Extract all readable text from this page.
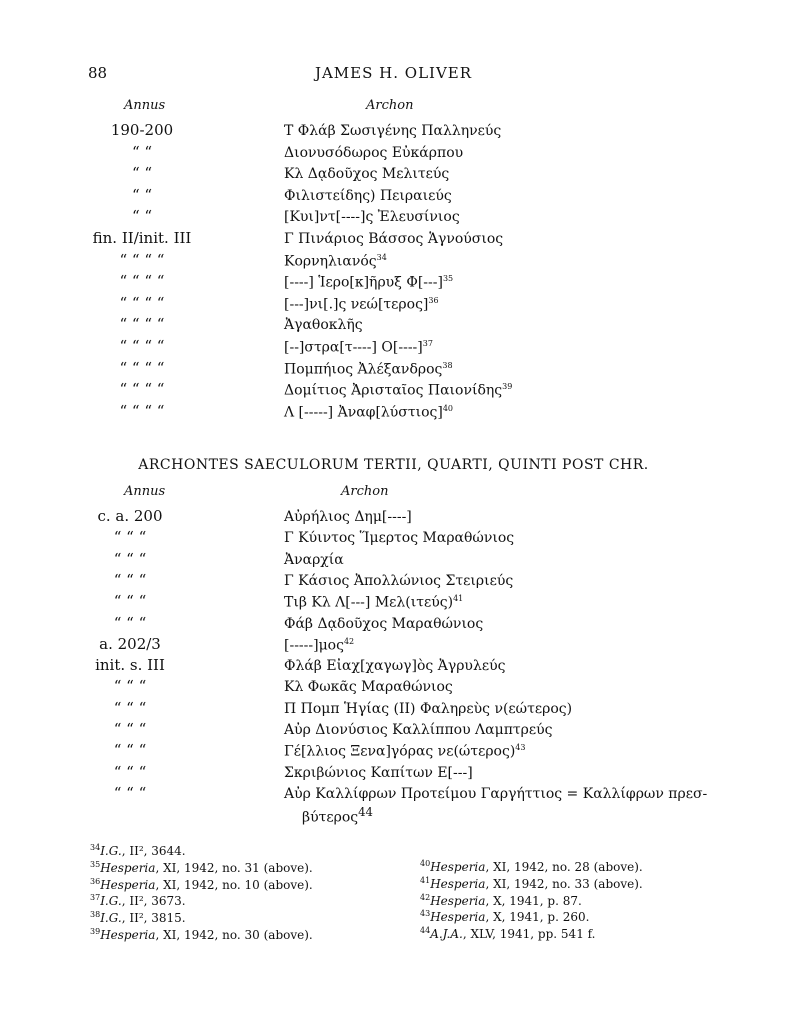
88	JAMES H. OLIVER
Annus	Archon
190-200	Τ Φλάβ Σωσιγένης Παλληνεύς
“ “	Διονυσόδωρος Εὐκάρπου
“ “	Κλ Δᾳδοῦχος Μελιτεύς
“ “	Φιλιστείδης) Πειραιεύς
“ “	[Κυι]ντ[----]ς Ἐλευσίνιος
fin. II/init. III	Γ Πινάριος Βάσσος Ἁγνούσιος
“ “ “ “	Κορνηλιανός$^{34}$
“ “ “ “	[----] Ἱερο[κ]ῆρυξ $\Phi[---]^{35}$
“ “ “ “	[---]νι[.]ς $\nu\varepsilon ώ[\tau\varepsilon\rho o\varsigma]^{36}$
“ “ “ “	Ἀγαθοκλῆς
“ “ “ “	[--]στρα[τ----] $O[----]^{37}$
“ “ “ “	Πομπήιος Ἀλέξανδρος$^{38}$
“ “ “ “	Δομίτιος Ἀρισταῖος Παιονίδης$^{39}$
“ “ “ “	Λ [-----] $Ἀ\nu\alpha\varphi[\lambda ύ\sigma\tau\iota o\varsigma]^{40}$
ARCHONTES SAECULORUM TERTII, QUARTI, QUINTI POST CHR.
Annus	Archon
c. a. 200	Αὐρήλιος Δημ[----]
“ “ “	Γ Κύιντος Ἵμερτος Μαραθώνιος
“ “ “	Ἀναρχία
“ “ “	Γ Κάσιος Ἀπολλώνιος Στειριεύς
“ “ “	Τιβ Κλ Λ[---] $M\varepsilon\lambda(\iota\tau\varepsilon ύ\varsigma)^{41}$
“ “ “	Φάβ Δᾳδοῦχος Μαραθώνιος
a. 202/3	[-----]μος$^{42}$
init. s. III	Φλάβ Εἰαχ[χαγωγ]ὸς Ἀγρυλεύς
“ “ “	Κλ Φωκᾶς Μαραθώνιος
“ “ “	Π Πομπ Ἡγίας (ΙΙ) Φαληρεὺς ν(εώτερος)
“ “ “	Αὐρ Διονύσιος Καλλίππου Λαμπτρεύς
“ “ “	Γέ[λλιος Ξενα]γόρας $\nu\varepsilon(ώ\tau\varepsilon\rho o\varsigma)^{43}$
“ “ “	Σκριβώνιος Καπίτων Ε[---]
“ “ “	Αὐρ Καλλίφρων Προτείμου Γαργήττιος = Καλλίφρων πρεσ-
βύτερος$^{44}$
$^{34}$I.G., II², 3644.
$^{35}$Hesperia, XI, 1942, no. 31 (above).
$^{36}$Hesperia, XI, 1942, no. 10 (above).
$^{37}$I.G., II², 3673.
$^{38}$I.G., II², 3815.
$^{39}$Hesperia, XI, 1942, no. 30 (above).
$^{40}$Hesperia, XI, 1942, no. 28 (above).
$^{41}$Hesperia, XI, 1942, no. 33 (above).
$^{42}$Hesperia, X, 1941, p. 87.
$^{43}$Hesperia, X, 1941, p. 260.
$^{44}$A.J.A., XLV, 1941, pp. 541 f.
